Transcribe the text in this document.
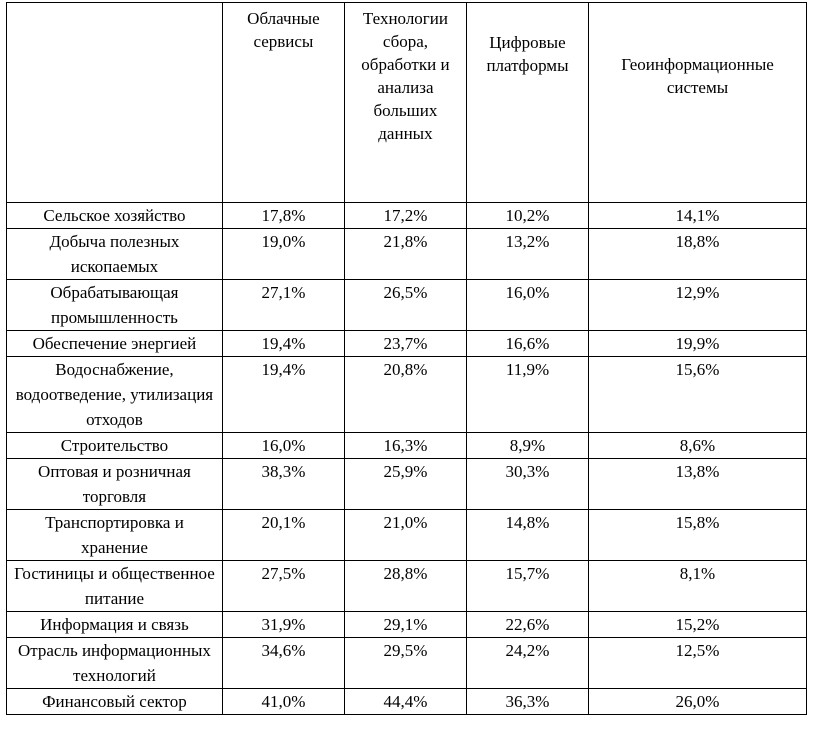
	Облачные сервисы	Технологии сбора, обработки и анализа больших данных	Цифровые платформы	Геоинформационные системы
Сельское хозяйство	17,8%	17,2%	10,2%	14,1%
Добыча полезных ископаемых	19,0%	21,8%	13,2%	18,8%
Обрабатывающая промышленность	27,1%	26,5%	16,0%	12,9%
Обеспечение энергией	19,4%	23,7%	16,6%	19,9%
Водоснабжение, водоотведение, утилизация отходов	19,4%	20,8%	11,9%	15,6%
Строительство	16,0%	16,3%	8,9%	8,6%
Оптовая и розничная торговля	38,3%	25,9%	30,3%	13,8%
Транспортировка и хранение	20,1%	21,0%	14,8%	15,8%
Гостиницы и общественное питание	27,5%	28,8%	15,7%	8,1%
Информация и связь	31,9%	29,1%	22,6%	15,2%
Отрасль информационных технологий	34,6%	29,5%	24,2%	12,5%
Финансовый сектор	41,0%	44,4%	36,3%	26,0%
